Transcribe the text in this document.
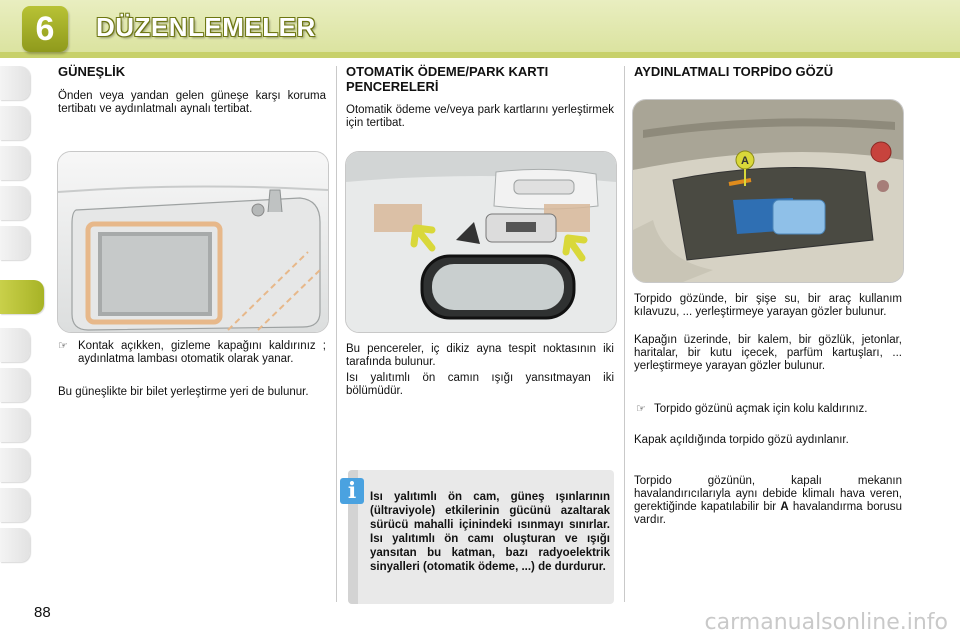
6	DÜZENLEMELER
GÜNEŞLİK
Önden veya yandan gelen güneşe karşı koruma tertibatı ve aydınlatmalı aynalı tertibat.
☞ Kontak açıkken, gizleme kapağını kaldırınız ; aydınlatma lambası otomatik olarak yanar.
Bu güneşlikte bir bilet yerleştirme yeri de bulunur.
OTOMATİK ÖDEME/PARK KARTI PENCERELERİ
Otomatik ödeme ve/veya park kartlarını yerleştirmek için tertibat.
Bu pencereler, iç dikiz ayna tespit noktasının iki tarafında bulunur.
Isı yalıtımlı ön camın ışığı yansıtmayan iki bölümüdür.
i	Isı yalıtımlı ön cam, güneş ışınlarının (ültraviyole) etkilerinin gücünü azaltarak sürücü mahalli içinindeki ısınmayı sınırlar. Isı yalıtımlı ön camı oluşturan ve ışığı yansıtan bu katman, bazı radyoelektrik sinyalleri (otomatik ödeme, ...) de durdurur.
AYDINLATMALI TORPİDO GÖZÜ
A
Torpido gözünde, bir şişe su, bir araç kullanım kılavuzu, ... yerleştirmeye yarayan gözler bulunur.
Kapağın üzerinde, bir kalem, bir gözlük, jetonlar, haritalar, bir kutu içecek, parfüm kartuşları, ... yerleştirmeye yarayan gözler bulunur.
☞ Torpido gözünü açmak için kolu kaldırınız.
Kapak açıldığında torpido gözü aydınlanır.
Torpido gözünün, kapalı mekanın havalandırıcılarıyla aynı debide klimalı hava veren, gerektiğinde kapatılabilir bir A havalandırma borusu vardır.
88	carmanualsonline.info
